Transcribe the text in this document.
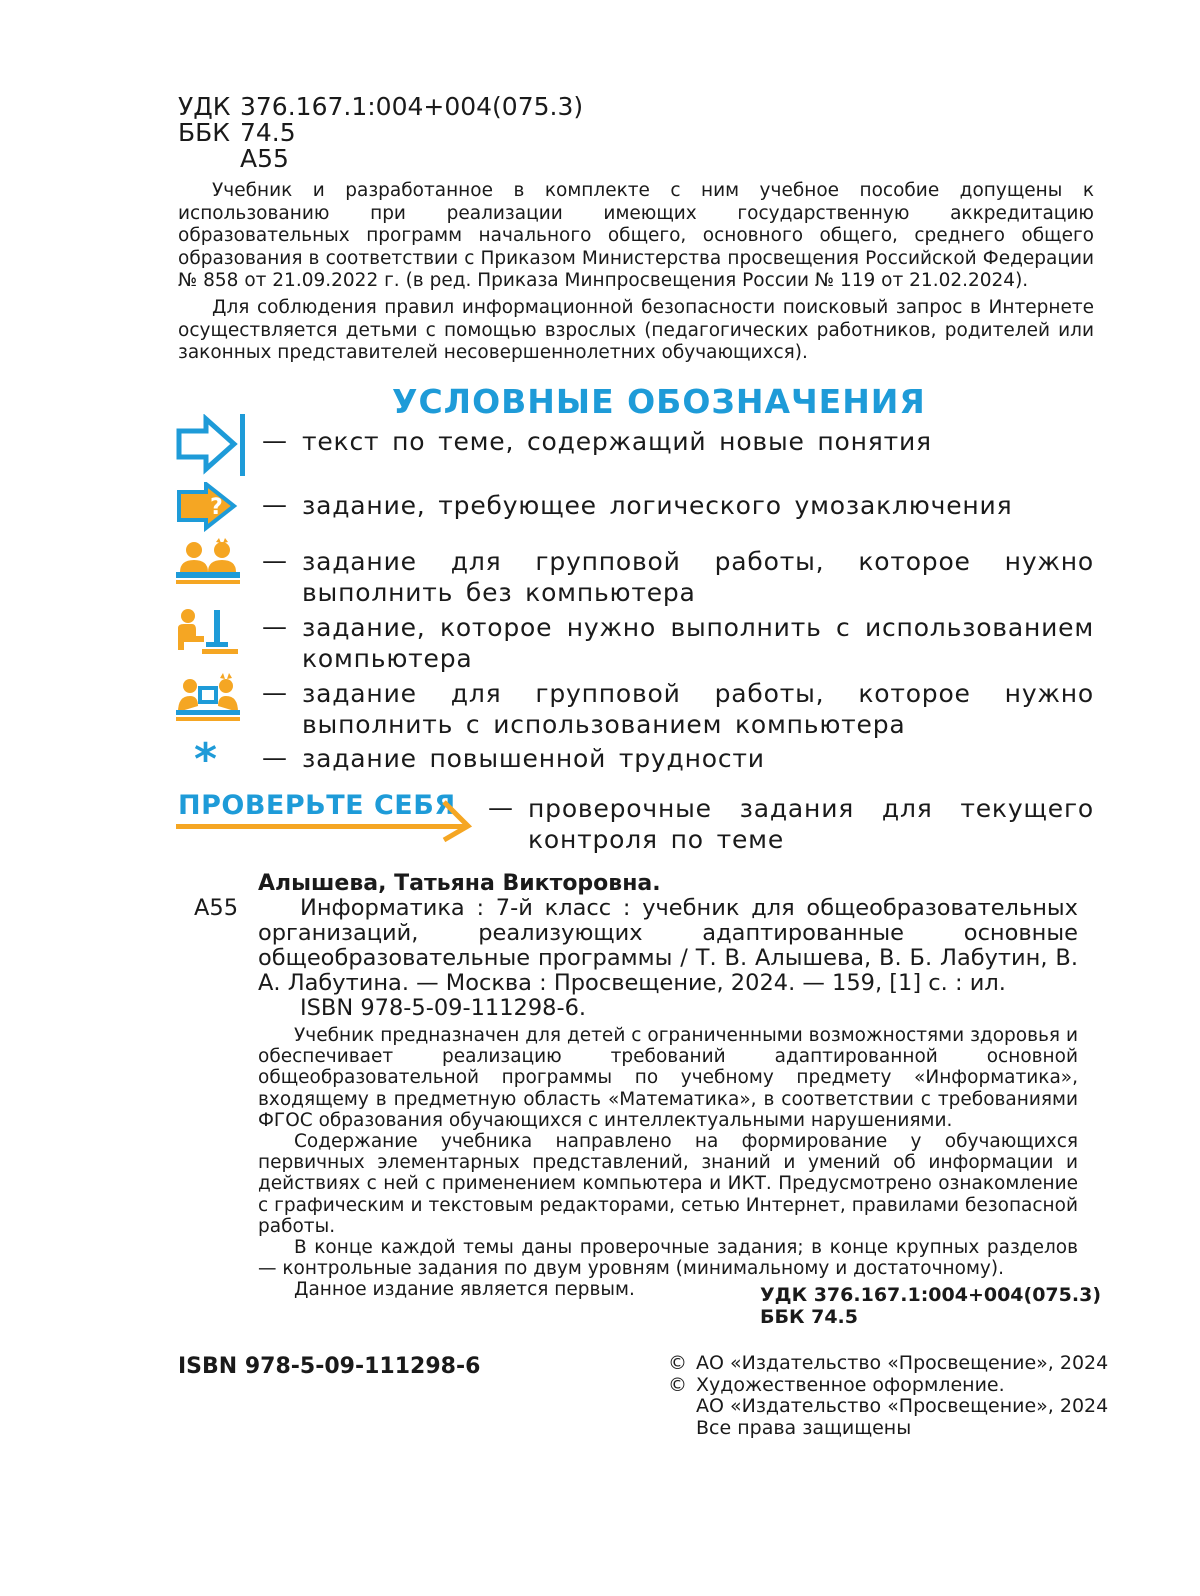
УДК 376.167.1:004+004(075.3)
ББК 74.5
А55
Учебник и разработанное в комплекте с ним учебное пособие допущены к использованию при реализации имеющих государственную аккредитацию образовательных программ начального общего, основного общего, среднего общего образования в соответствии с Приказом Министерства просвещения Российской Федерации № 858 от 21.09.2022 г. (в ред. Приказа Минпросвещения России № 119 от 21.02.2024).
Для соблюдения правил информационной безопасности поисковый запрос в Интернете осуществляется детьми с помощью взрослых (педагогических работников, родителей или законных представителей несовершеннолетних обучающихся).
УСЛОВНЫЕ ОБОЗНАЧЕНИЯ
— текст по теме, содержащий новые понятия
? — задание, требующее логического умозаключения
— задание для групповой работы, которое нужно выполнить без компьютера
— задание, которое нужно выполнить с использованием компьютера
— задание для групповой работы, которое нужно выполнить с использованием компьютера
* — задание повышенной трудности
ПРОВЕРЬТЕ СЕБЯ — проверочные задания для текущего контроля по теме
Алышева, Татьяна Викторовна.
А55	Информатика : 7-й класс : учебник для общеобразовательных организаций, реализующих адаптированные основные общеобразовательные программы / Т. В. Алышева, В. Б. Лабутин, В. А. Лабутина. — Москва : Просвещение, 2024. — 159, [1] с. : ил.
ISBN 978-5-09-111298-6.
Учебник предназначен для детей с ограниченными возможностями здоровья и обеспечивает реализацию требований адаптированной основной общеобразовательной программы по учебному предмету «Информатика», входящему в предметную область «Математика», в соответствии с требованиями ФГОС образования обучающихся с интеллектуальными нарушениями.
Содержание учебника направлено на формирование у обучающихся первичных элементарных представлений, знаний и умений об информации и действиях с ней с применением компьютера и ИКТ. Предусмотрено ознакомление с графическим и текстовым редакторами, сетью Интернет, правилами безопасной работы.
В конце каждой темы даны проверочные задания; в конце крупных разделов — контрольные задания по двум уровням (минимальному и достаточному).
Данное издание является первым.	УДК 376.167.1:004+004(075.3)
ББК 74.5
ISBN 978-5-09-111298-6	© АО «Издательство «Просвещение», 2024
© Художественное оформление.
АО «Издательство «Просвещение», 2024
Все права защищены
